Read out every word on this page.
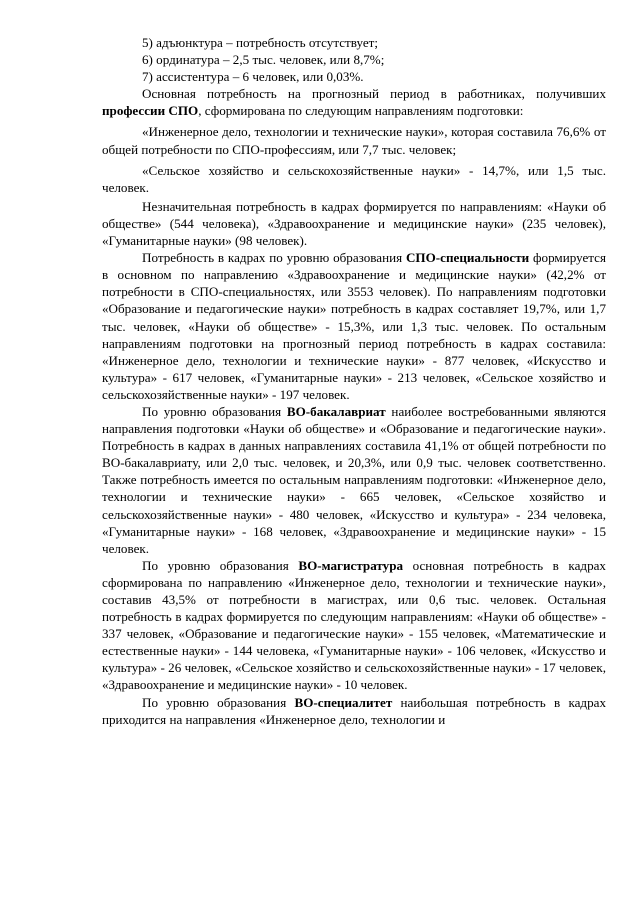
5) адъюнктура – потребность отсутствует;

6) ординатура – 2,5 тыс. человек, или 8,7%;

7) ассистентура – 6 человек, или 0,03%.

Основная потребность на прогнозный период в работниках, получивших профессии СПО, сформирована по следующим направлениям подготовки:

«Инженерное дело, технологии и технические науки», которая составила 76,6% от общей потребности по СПО-профессиям, или 7,7 тыс. человек;

«Сельское хозяйство и сельскохозяйственные науки» - 14,7%, или 1,5 тыс. человек.

Незначительная потребность в кадрах формируется по направлениям: «Науки об обществе» (544 человека), «Здравоохранение и медицинские науки» (235 человек), «Гуманитарные науки» (98 человек).

Потребность в кадрах по уровню образования СПО-специальности формируется в основном по направлению «Здравоохранение и медицинские науки» (42,2% от потребности в СПО-специальностях, или 3553 человек). По направлениям подготовки «Образование и педагогические науки» потребность в кадрах составляет 19,7%, или 1,7 тыс. человек, «Науки об обществе» - 15,3%, или 1,3 тыс. человек. По остальным направлениям подготовки на прогнозный период потребность в кадрах составила: «Инженерное дело, технологии и технические науки» - 877 человек, «Искусство и культура» - 617 человек, «Гуманитарные науки» - 213 человек, «Сельское хозяйство и сельскохозяйственные науки» - 197 человек.

По уровню образования ВО-бакалавриат наиболее востребованными являются направления подготовки «Науки об обществе» и «Образование и педагогические науки». Потребность в кадрах в данных направлениях составила 41,1% от общей потребности по ВО-бакалавриату, или 2,0 тыс. человек, и 20,3%, или 0,9 тыс. человек соответственно. Также потребность имеется по остальным направлениям подготовки: «Инженерное дело, технологии и технические науки» - 665 человек, «Сельское хозяйство и сельскохозяйственные науки» - 480 человек, «Искусство и культура» - 234 человека, «Гуманитарные науки» - 168 человек, «Здравоохранение и медицинские науки» - 15 человек.

По уровню образования ВО-магистратура основная потребность в кадрах сформирована по направлению «Инженерное дело, технологии и технические науки», составив 43,5% от потребности в магистрах, или 0,6 тыс. человек. Остальная потребность в кадрах формируется по следующим направлениям: «Науки об обществе» - 337 человек, «Образование и педагогические науки» - 155 человек, «Математические и естественные науки» - 144 человека, «Гуманитарные науки» - 106 человек, «Искусство и культура» - 26 человек, «Сельское хозяйство и сельскохозяйственные науки» - 17 человек, «Здравоохранение и медицинские науки» - 10 человек.

По уровню образования ВО-специалитет наибольшая потребность в кадрах приходится на направления «Инженерное дело, технологии и
